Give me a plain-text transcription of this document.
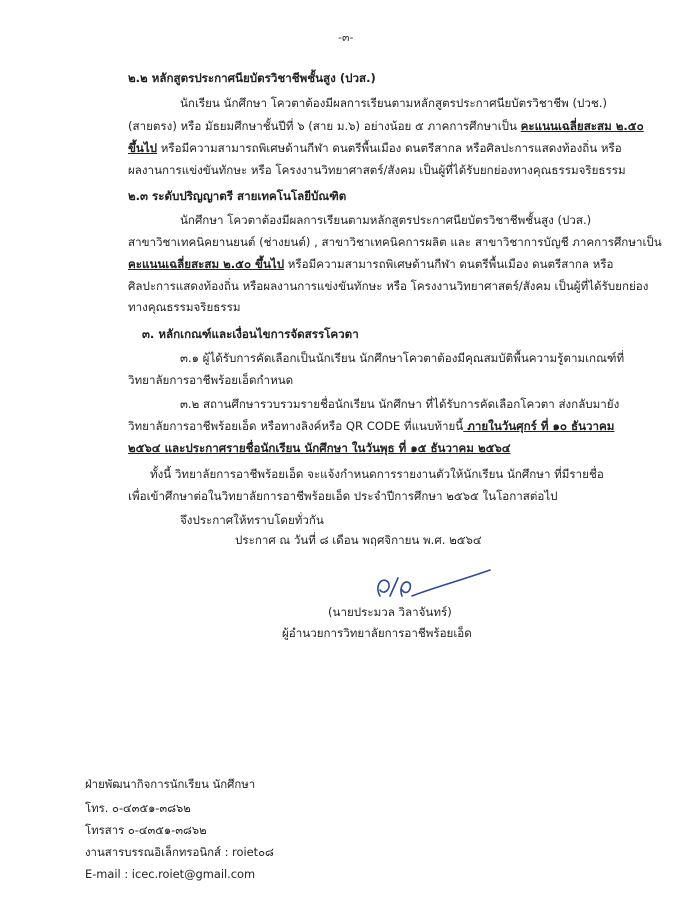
-๓-
๒.๒ หลักสูตรประกาศนียบัตรวิชาชีพชั้นสูง (ปวส.)
นักเรียน นักศึกษา โควตาต้องมีผลการเรียนตามหลักสูตรประกาศนียบัตรวิชาชีพ (ปวช.)
(สายตรง) หรือ มัธยมศึกษาชั้นปีที่ ๖ (สาย ม.๖) อย่างน้อย ๕ ภาคการศึกษาเป็น คะแนนเฉลี่ยสะสม ๒.๕๐
ขึ้นไป หรือมีความสามารถพิเศษด้านกีฬา ดนตรีพื้นเมือง ดนตรีสากล หรือศิลปะการแสดงท้องถิ่น หรือ
ผลงานการแข่งขันทักษะ หรือ โครงงานวิทยาศาสตร์/สังคม เป็นผู้ที่ได้รับยกย่องทางคุณธรรมจริยธรรม
๒.๓ ระดับปริญญาตรี สายเทคโนโลยีบัณฑิต
นักศึกษา โควตาต้องมีผลการเรียนตามหลักสูตรประกาศนียบัตรวิชาชีพชั้นสูง (ปวส.)
สาขาวิชาเทคนิคยานยนต์ (ช่างยนต์) , สาขาวิชาเทคนิคการผลิต และ สาขาวิชาการบัญชี ภาคการศึกษาเป็น
คะแนนเฉลี่ยสะสม ๒.๕๐ ขึ้นไป หรือมีความสามารถพิเศษด้านกีฬา ดนตรีพื้นเมือง ดนตรีสากล หรือ
ศิลปะการแสดงท้องถิ่น หรือผลงานการแข่งขันทักษะ หรือ โครงงานวิทยาศาสตร์/สังคม เป็นผู้ที่ได้รับยกย่อง
ทางคุณธรรมจริยธรรม
๓. หลักเกณฑ์และเงื่อนไขการจัดสรรโควตา
๓.๑ ผู้ได้รับการคัดเลือกเป็นนักเรียน นักศึกษาโควตาต้องมีคุณสมบัติพื้นความรู้ตามเกณฑ์ที่
วิทยาลัยการอาชีพร้อยเอ็ดกำหนด
๓.๒ สถานศึกษารวบรวมรายชื่อนักเรียน นักศึกษา ที่ได้รับการคัดเลือกโควตา ส่งกลับมายัง
วิทยาลัยการอาชีพร้อยเอ็ด หรือทางลิงค์หรือ QR CODE ที่แนบท้ายนี้ ภายในวันศุกร์ ที่ ๑๐ ธันวาคม
๒๕๖๔ และประกาศรายชื่อนักเรียน นักศึกษา ในวันพุธ ที่ ๑๕ ธันวาคม ๒๕๖๔
ทั้งนี้ วิทยาลัยการอาชีพร้อยเอ็ด จะแจ้งกำหนดการรายงานตัวให้นักเรียน นักศึกษา ที่มีรายชื่อ
เพื่อเข้าศึกษาต่อในวิทยาลัยการอาชีพร้อยเอ็ด ประจำปีการศึกษา ๒๕๖๕ ในโอกาสต่อไป
จึงประกาศให้ทราบโดยทั่วกัน
ประกาศ ณ วันที่ ๘ เดือน พฤศจิกายน พ.ศ. ๒๕๖๔
(นายประมวล วิลาจันทร์)
ผู้อำนวยการวิทยาลัยการอาชีพร้อยเอ็ด
ฝ่ายพัฒนากิจการนักเรียน นักศึกษา
โทร. ๐-๔๓๕๑-๓๘๖๒
โทรสาร ๐-๔๓๕๑-๓๘๖๒
งานสารบรรณอิเล็กทรอนิกส์ : roiet๐๘
E-mail : icec.roiet@gmail.com
